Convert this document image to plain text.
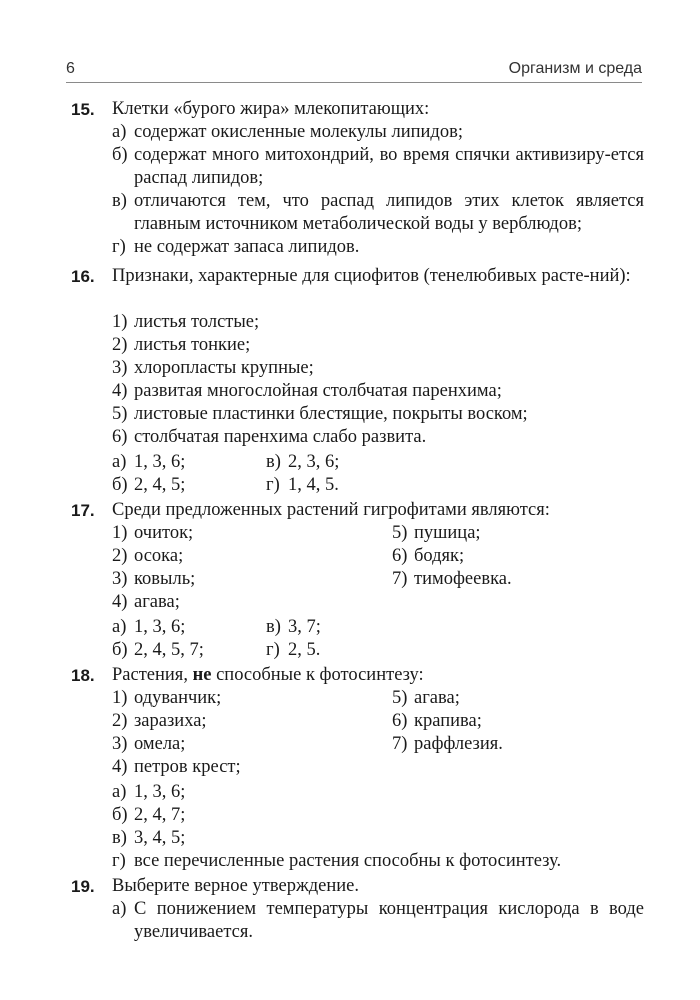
6	Организм и среда
15. Клетки «бурого жира» млекопитающих:
а) содержат окисленные молекулы липидов;
б) содержат много митохондрий, во время спячки активизиру-ется распад липидов;
в) отличаются тем, что распад липидов этих клеток является главным источником метаболической воды у верблюдов;
г) не содержат запаса липидов.
16. Признаки, характерные для сциофитов (тенелюбивых расте-ний):
1) листья толстые;
2) листья тонкие;
3) хлоропласты крупные;
4) развитая многослойная столбчатая паренхима;
5) листовые пластинки блестящие, покрыты воском;
6) столбчатая паренхима слабо развита.
а) 1, 3, 6;	в) 2, 3, 6;
б) 2, 4, 5;	г) 1, 4, 5.
17. Среди предложенных растений гигрофитами являются:
1) очиток;	5) пушица;
2) осока;	6) бодяк;
3) ковыль;	7) тимофеевка.
4) агава;
а) 1, 3, 6;	в) 3, 7;
б) 2, 4, 5, 7;	г) 2, 5.
18. Растения, не способные к фотосинтезу:
1) одуванчик;	5) агава;
2) заразиха;	6) крапива;
3) омела;	7) раффлезия.
4) петров крест;
а) 1, 3, 6;
б) 2, 4, 7;
в) 3, 4, 5;
г) все перечисленные растения способны к фотосинтезу.
19. Выберите верное утверждение.
а) С понижением температуры концентрация кислорода в воде увеличивается.
